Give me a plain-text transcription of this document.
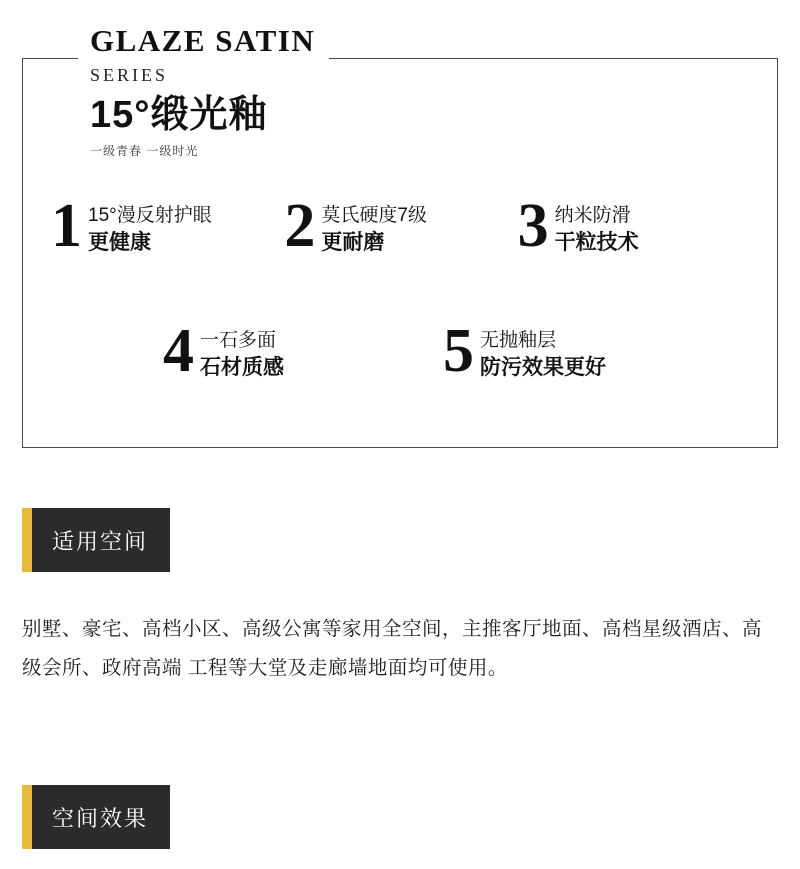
GLAZE SATIN
SERIES
15°缎光釉
一级青春 一级时光
1 15°漫反射护眼
更健康	2 莫氏硬度7级
更耐磨	3 纳米防滑
干粒技术
4 一石多面
石材质感	5 无抛釉层
防污效果更好
适用空间
别墅、豪宅、高档小区、高级公寓等家用全空间，主推客厅地面、高档星级酒店、高级会所、政府高端 工程等大堂及走廊墙地面均可使用。
空间效果
